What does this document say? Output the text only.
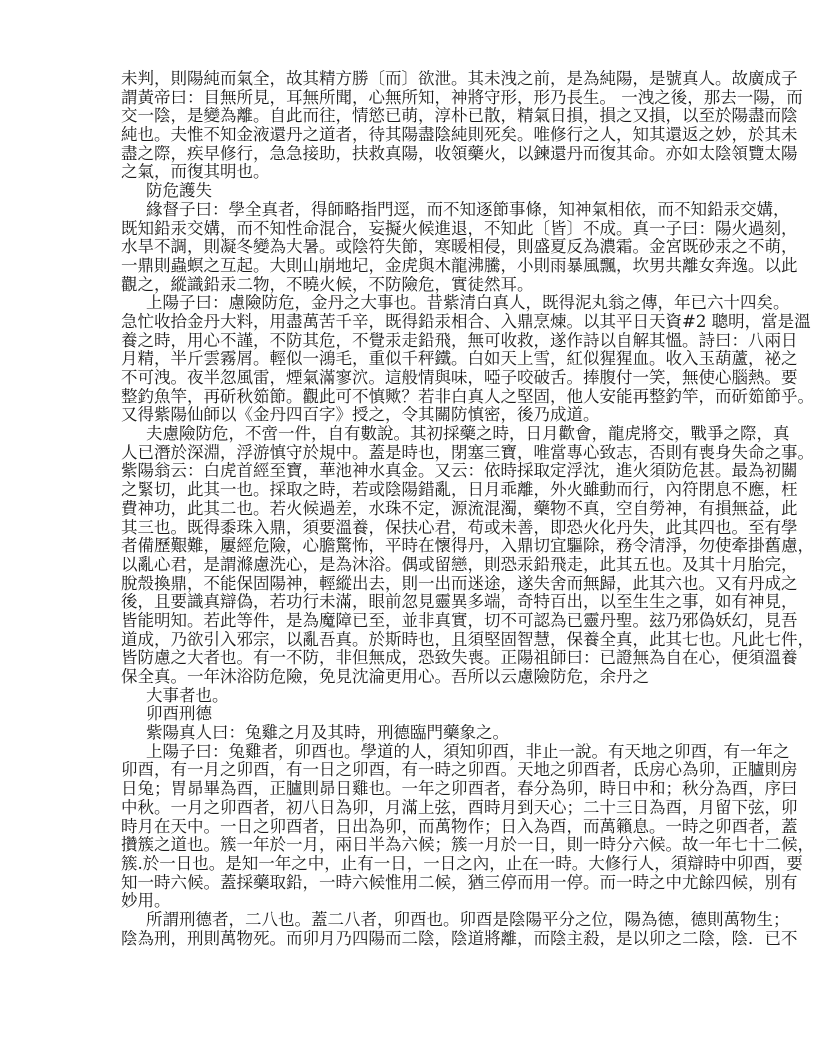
未判，則陽純而氣全，故其精方勝〔而〕欲泄。其未洩之前，是為純陽，是號真人。故廣成子
謂黃帝曰：目無所見，耳無所聞，心無所知，神將守形，形乃長生。 一洩之後，那去一陽，而
交一陰，是變為離。自此而往，情慾已萌，淳朴已散，精氣日損，損之又損，以至於陽盡而陰
純也。夫惟不知金液還丹之道者，待其陽盡陰純則死矣。唯修行之人，知其還返之妙，於其未
盡之際，疾早修行，急急接助，扶救真陽，收領藥火，以鍊還丹而復其命。亦如太陰領覽太陽
之氣，而復其明也。
防危護失
緣督子曰：學全真者，得師略指門逕，而不知逐節事條，知神氣相依，而不知鉛汞交媾，
既知鉛汞交媾，而不知性命混合，妄擬火候進退，不知此〔皆〕不成。真一子曰：陽火過刻，
水旱不調，則凝冬變為大暑。或陰符失節，寒暖相侵，則盛夏反為濃霜。金宮既砂汞之不萌，
一鼎則蟲螟之互起。大則山崩地圮，金虎與木龍沸騰，小則雨暴風飄，坎男共離女奔逸。以此
觀之，縱識鉛汞二物，不曉火候，不防險危，實徒然耳。
上陽子曰：慮險防危，金丹之大事也。昔紫清白真人，既得泥丸翁之傳，年已六十四矣。
急忙收拾金丹大料，用盡萬苦千辛，既得鉛汞相合、入鼎烹煉。以其平日天資#2 聰明，當是溫
養之時，用心不謹，不防其危，不覺汞走鉛飛，無可收救，遂作詩以自解其慍。詩曰：八兩日
月精，半斤雲霧屑。輕似一鴻毛，重似千秤鐵。白如天上雪，紅似猩猩血。收入玉葫蘆，祕之
不可洩。夜半忽風雷，煙氣滿寥泬。這般情與味，啞子咬破舌。捧腹付一笑，無使心腦熱。要
整釣魚竿，再斫秋筎節。觀此可不慎歟？若非白真人之堅固，他人安能再整釣竿，而斫筎節乎。
又得紫陽仙師以《金丹四百字》授之，令其關防慎密，後乃成道。
夫慮險防危，不啻一件，自有數說。其初採藥之時，日月歡會，龍虎將交，戰爭之際，真
人已潛於深淵，浮游慎守於規中。蓋是時也，閉塞三寶，唯當專心致志，否則有喪身失命之事。
紫陽翁云：白虎首經至寶，華池神水真金。又云：依時採取定浮沈，進火須防危甚。最為初關
之緊切，此其一也。採取之時，若或陰陽錯亂，日月乖離，外火雖動而行，內符閉息不應，枉
費神功，此其二也。若火候過差，水珠不定，源流混濁，藥物不真，空自勞神，有損無益，此
其三也。既得黍珠入鼎，須要溫養，保扶心君，苟或未善，即恐火化丹失，此其四也。至有學
者備歷艱難，屢經危險，心膽驚怖，平時在懷得丹，入鼎切宜驅除，務令清淨，勿使牽掛舊慮，
以亂心君，是謂滌慮洗心，是為沐浴。偶或留戀，則恐汞鉛飛走，此其五也。及其十月胎完，
脫殼換鼎，不能保固陽神，輕縱出去，則一出而迷途，遂失舍而無歸，此其六也。又有丹成之
後，且要識真辯偽，若功行未滿，眼前忽見靈異多端，奇特百出，以至生生之事，如有神見，
皆能明知。若此等件，是為魔障已至，並非真實，切不可認為已靈丹聖。玆乃邪偽妖幻，見吾
道成，乃欲引入邪宗，以亂吾真。於斯時也，且須堅固智慧，保養全真，此其七也。凡此七件，
皆防慮之大者也。有一不防，非但無成，恐致失喪。正陽祖師曰：已證無為自在心，便須溫養
保全真。一年沐浴防危險，免見沈淪更用心。吾所以云慮險防危，余丹之
大事者也。
卯酉刑德
紫陽真人曰：兔雞之月及其時，刑德臨門藥象之。
上陽子曰：兔雞者，卯酉也。學道的人，須知卯酉，非止一說。有天地之卯酉，有一年之
卯酉，有一月之卯酉，有一日之卯酉，有一時之卯酉。天地之卯酉者，氐房心為卯，正臚則房
日兔；胃昴畢為酉，正臚則昴日雞也。一年之卯酉者，春分為卯，時日中和；秋分為酉，序曰
中秋。一月之卯酉者，初八日為卯，月滿上弦，酉時月到天心；二十三日為酉，月留下弦，卯
時月在天中。一日之卯酉者，日出為卯，而萬物作；日入為酉，而萬籟息。一時之卯酉者，蓋
攢簇之道也。簇一年於一月，兩日半為六候；簇一月於一日，則一時分六候。故一年七十二候，
簇.於一日也。是知一年之中，止有一日，一日之內，止在一時。大修行人，須辯時中卯酉，要
知一時六候。蓋採藥取鉛，一時六候惟用二候，猶三停而用一停。而一時之中尤餘四候，別有
妙用。
所謂刑德者，二八也。蓋二八者，卯酉也。卯酉是陰陽平分之位，陽為德，德則萬物生；
陰為刑，刑則萬物死。而卯月乃四陽而二陰，陰道將離，而陰主殺，是以卯之二陰，陰．已不
